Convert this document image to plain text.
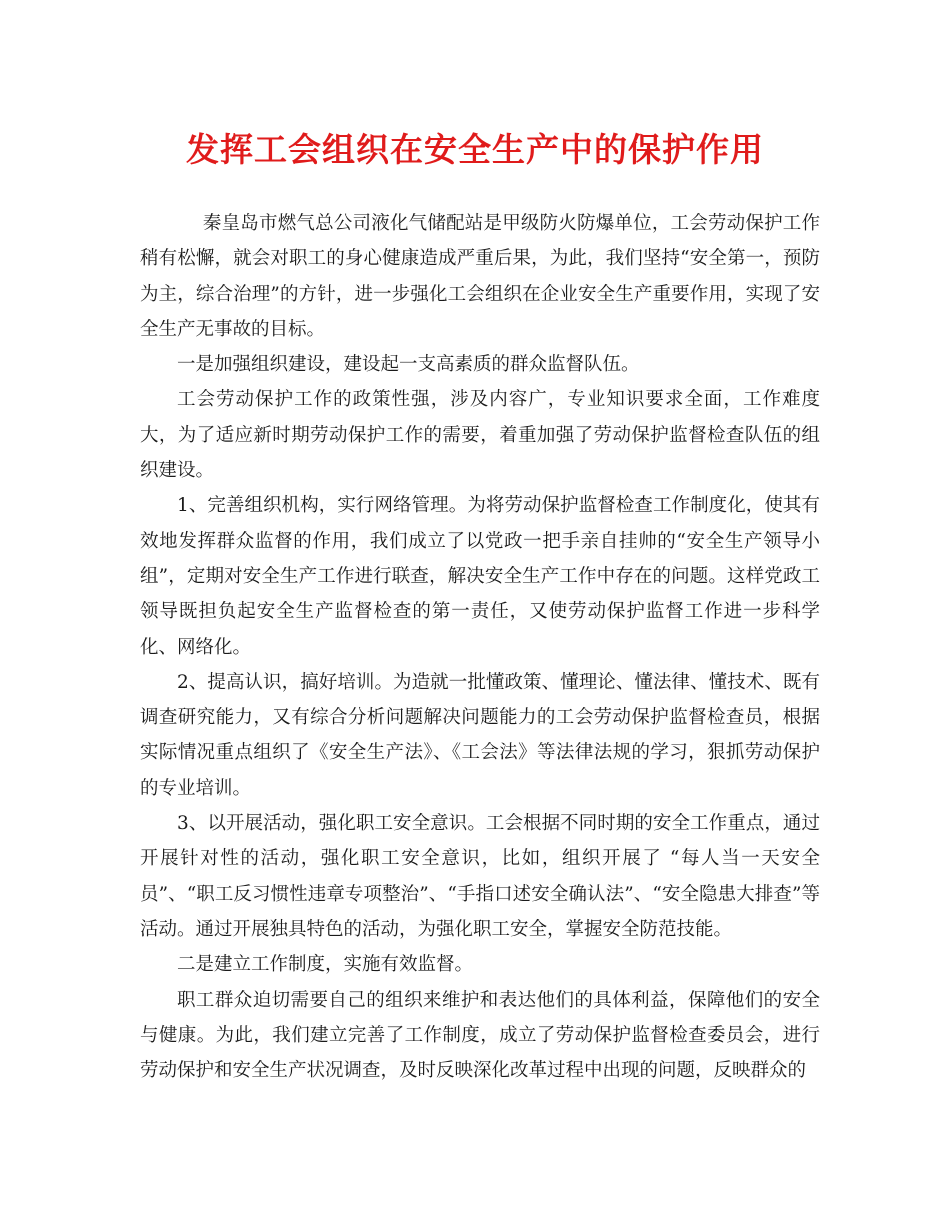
发挥工会组织在安全生产中的保护作用

秦皇岛市燃气总公司液化气储配站是甲级防火防爆单位，工会劳动保护工作稍有松懈，就会对职工的身心健康造成严重后果，为此，我们坚持“安全第一，预防为主，综合治理”的方针，进一步强化工会组织在企业安全生产重要作用，实现了安全生产无事故的目标。

一是加强组织建设，建设起一支高素质的群众监督队伍。

工会劳动保护工作的政策性强，涉及内容广，专业知识要求全面，工作难度大，为了适应新时期劳动保护工作的需要，着重加强了劳动保护监督检查队伍的组织建设。

1、完善组织机构，实行网络管理。为将劳动保护监督检查工作制度化，使其有效地发挥群众监督的作用，我们成立了以党政一把手亲自挂帅的“安全生产领导小组”，定期对安全生产工作进行联查，解决安全生产工作中存在的问题。这样党政工领导既担负起安全生产监督检查的第一责任，又使劳动保护监督工作进一步科学化、网络化。

2、提高认识，搞好培训。为造就一批懂政策、懂理论、懂法律、懂技术、既有调查研究能力，又有综合分析问题解决问题能力的工会劳动保护监督检查员，根据实际情况重点组织了《安全生产法》、《工会法》等法律法规的学习，狠抓劳动保护的专业培训。

3、以开展活动，强化职工安全意识。工会根据不同时期的安全工作重点，通过开展针对性的活动，强化职工安全意识，比如，组织开展了 “每人当一天安全员”、“职工反习惯性违章专项整治”、“手指口述安全确认法”、“安全隐患大排查”等活动。通过开展独具特色的活动，为强化职工安全，掌握安全防范技能。

二是建立工作制度，实施有效监督。

职工群众迫切需要自己的组织来维护和表达他们的具体利益，保障他们的安全与健康。为此，我们建立完善了工作制度，成立了劳动保护监督检查委员会，进行劳动保护和安全生产状况调查，及时反映深化改革过程中出现的问题，反映群众的
